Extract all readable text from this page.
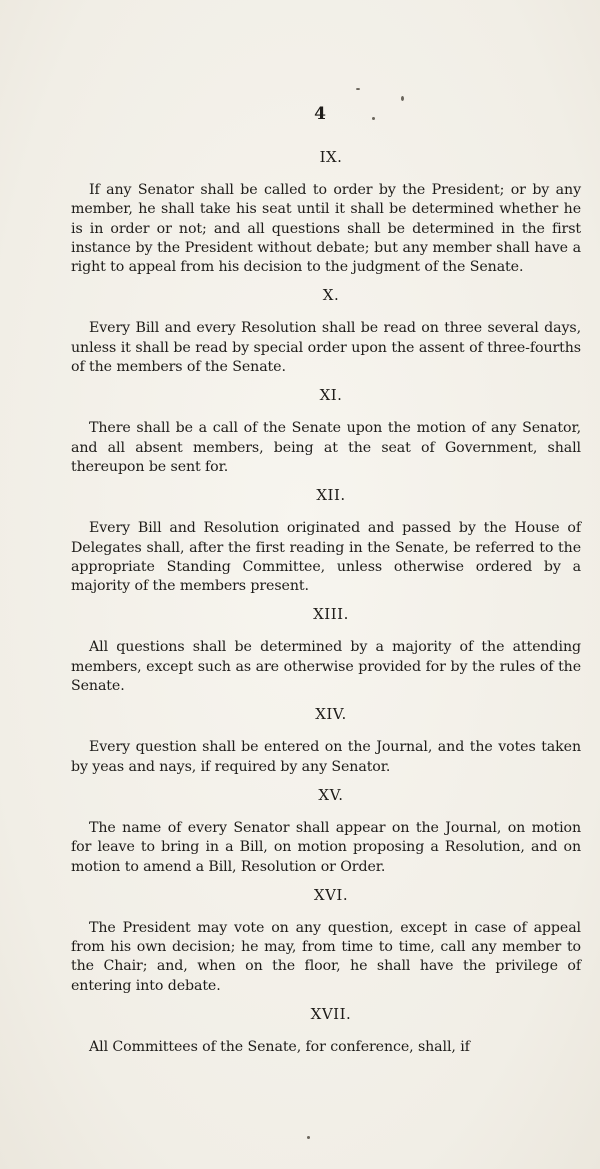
4
IX.

If any Senator shall be called to order by the President; or by any member, he shall take his seat until it shall be determined whether he is in order or not; and all questions shall be determined in the first instance by the President without debate; but any member shall have a right to appeal from his decision to the judgment of the Senate.

X.

Every Bill and every Resolution shall be read on three several days, unless it shall be read by special order upon the assent of three-fourths of the members of the Senate.

XI.

There shall be a call of the Senate upon the motion of any Senator, and all absent members, being at the seat of Government, shall thereupon be sent for.

XII.

Every Bill and Resolution originated and passed by the House of Delegates shall, after the first reading in the Senate, be referred to the appropriate Standing Committee, unless otherwise ordered by a majority of the members present.

XIII.

All questions shall be determined by a majority of the attending members, except such as are otherwise provided for by the rules of the Senate.

XIV.

Every question shall be entered on the Journal, and the votes taken by yeas and nays, if required by any Senator.

XV.

The name of every Senator shall appear on the Journal, on motion for leave to bring in a Bill, on motion proposing a Resolution, and on motion to amend a Bill, Resolution or Order.

XVI.

The President may vote on any question, except in case of appeal from his own decision; he may, from time to time, call any member to the Chair; and, when on the floor, he shall have the privilege of entering into debate.

XVII.

All Committees of the Senate, for conference, shall, if
